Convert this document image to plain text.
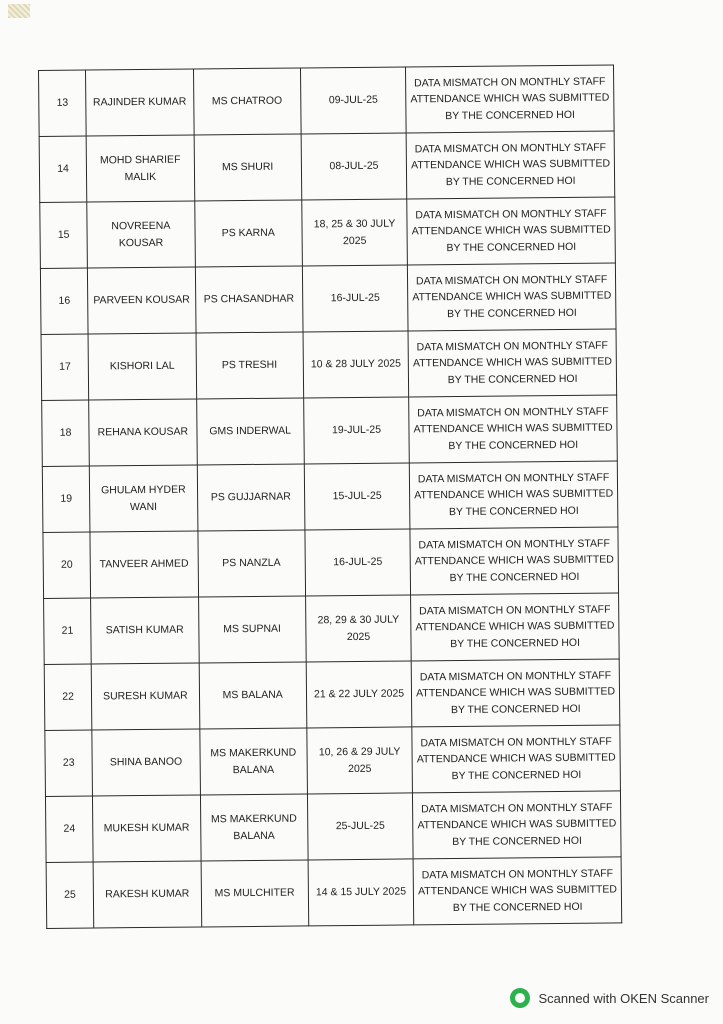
13	RAJINDER KUMAR	MS CHATROO	09-JUL-25	DATA MISMATCH ON MONTHLY STAFF ATTENDANCE WHICH WAS SUBMITTED BY THE CONCERNED HOI
14	MOHD SHARIEF MALIK	MS SHURI	08-JUL-25	DATA MISMATCH ON MONTHLY STAFF ATTENDANCE WHICH WAS SUBMITTED BY THE CONCERNED HOI
15	NOVREENA KOUSAR	PS KARNA	18, 25 & 30 JULY 2025	DATA MISMATCH ON MONTHLY STAFF ATTENDANCE WHICH WAS SUBMITTED BY THE CONCERNED HOI
16	PARVEEN KOUSAR	PS CHASANDHAR	16-JUL-25	DATA MISMATCH ON MONTHLY STAFF ATTENDANCE WHICH WAS SUBMITTED BY THE CONCERNED HOI
17	KISHORI LAL	PS TRESHI	10 & 28 JULY 2025	DATA MISMATCH ON MONTHLY STAFF ATTENDANCE WHICH WAS SUBMITTED BY THE CONCERNED HOI
18	REHANA KOUSAR	GMS INDERWAL	19-JUL-25	DATA MISMATCH ON MONTHLY STAFF ATTENDANCE WHICH WAS SUBMITTED BY THE CONCERNED HOI
19	GHULAM HYDER WANI	PS GUJJARNAR	15-JUL-25	DATA MISMATCH ON MONTHLY STAFF ATTENDANCE WHICH WAS SUBMITTED BY THE CONCERNED HOI
20	TANVEER AHMED	PS NANZLA	16-JUL-25	DATA MISMATCH ON MONTHLY STAFF ATTENDANCE WHICH WAS SUBMITTED BY THE CONCERNED HOI
21	SATISH KUMAR	MS SUPNAI	28, 29 & 30 JULY 2025	DATA MISMATCH ON MONTHLY STAFF ATTENDANCE WHICH WAS SUBMITTED BY THE CONCERNED HOI
22	SURESH KUMAR	MS BALANA	21 & 22 JULY 2025	DATA MISMATCH ON MONTHLY STAFF ATTENDANCE WHICH WAS SUBMITTED BY THE CONCERNED HOI
23	SHINA BANOO	MS MAKERKUND BALANA	10, 26 & 29 JULY 2025	DATA MISMATCH ON MONTHLY STAFF ATTENDANCE WHICH WAS SUBMITTED BY THE CONCERNED HOI
24	MUKESH KUMAR	MS MAKERKUND BALANA	25-JUL-25	DATA MISMATCH ON MONTHLY STAFF ATTENDANCE WHICH WAS SUBMITTED BY THE CONCERNED HOI
25	RAKESH KUMAR	MS MULCHITER	14 & 15 JULY 2025	DATA MISMATCH ON MONTHLY STAFF ATTENDANCE WHICH WAS SUBMITTED BY THE CONCERNED HOI
Scanned with OKEN Scanner
